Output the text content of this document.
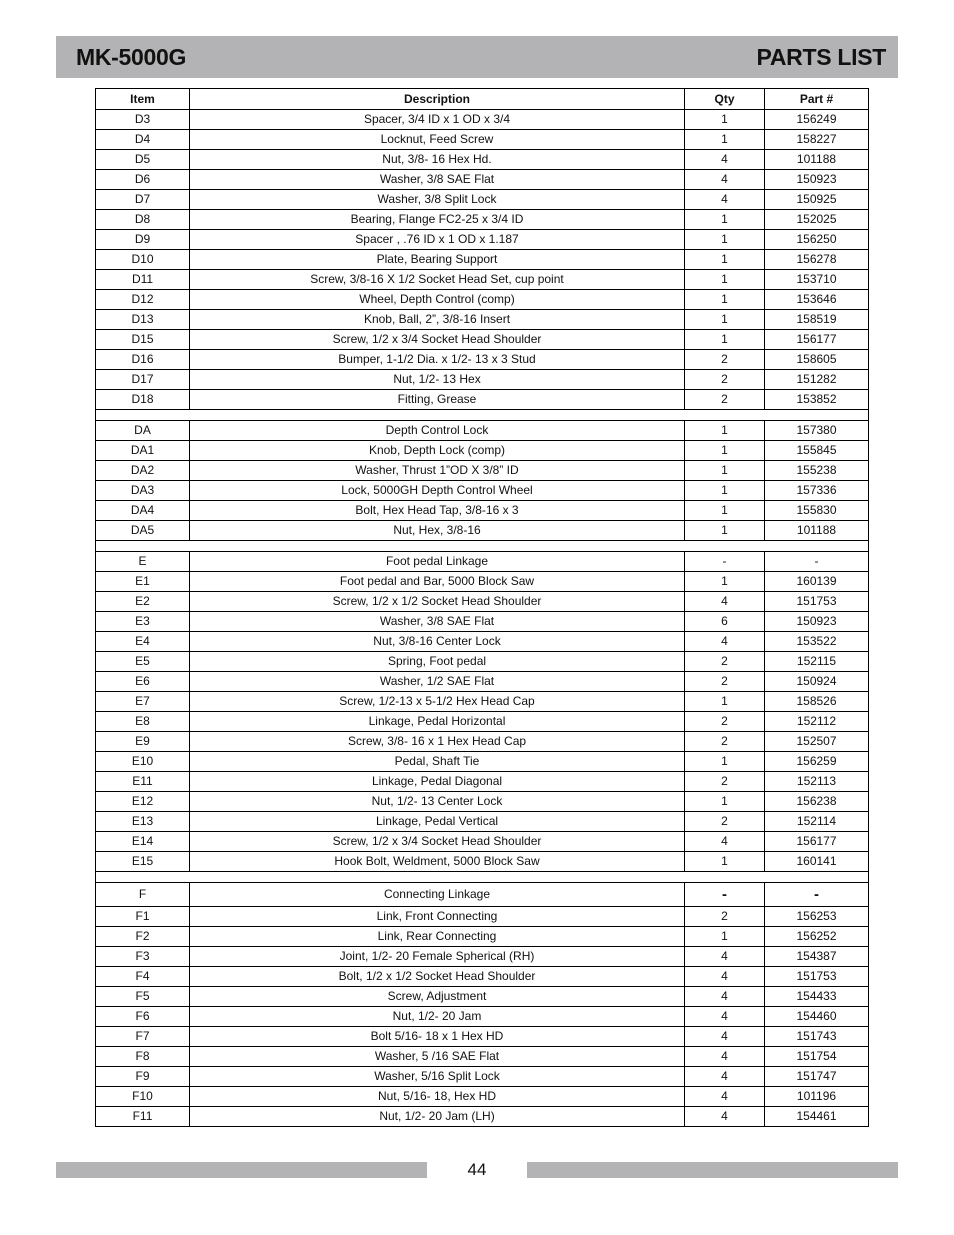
MK-5000G	PARTS LIST
Item	Description	Qty	Part #
D3	Spacer, 3/4 ID x 1 OD x 3/4	1	156249
D4	Locknut, Feed Screw	1	158227
D5	Nut, 3/8- 16 Hex Hd.	4	101188
D6	Washer, 3/8 SAE Flat	4	150923
D7	Washer, 3/8 Split Lock	4	150925
D8	Bearing, Flange FC2-25 x 3/4 ID	1	152025
D9	Spacer , .76 ID x 1 OD x 1.187	1	156250
D10	Plate, Bearing Support	1	156278
D11	Screw, 3/8-16 X 1/2 Socket Head Set, cup point	1	153710
D12	Wheel, Depth Control (comp)	1	153646
D13	Knob, Ball, 2”, 3/8-16 Insert	1	158519
D15	Screw, 1/2 x 3/4 Socket Head Shoulder	1	156177
D16	Bumper, 1-1/2 Dia. x 1/2- 13 x 3 Stud	2	158605
D17	Nut, 1/2- 13 Hex	2	151282
D18	Fitting, Grease	2	153852

DA	Depth Control Lock	1	157380
DA1	Knob, Depth Lock (comp)	1	155845
DA2	Washer, Thrust 1”OD X 3/8” ID	1	155238
DA3	Lock, 5000GH Depth Control Wheel	1	157336
DA4	Bolt, Hex Head Tap, 3/8-16 x 3	1	155830
DA5	Nut, Hex, 3/8-16	1	101188

E	Foot pedal Linkage	-	-
E1	Foot pedal and Bar, 5000 Block Saw	1	160139
E2	Screw, 1/2 x 1/2 Socket Head Shoulder	4	151753
E3	Washer, 3/8 SAE Flat	6	150923
E4	Nut, 3/8-16 Center Lock	4	153522
E5	Spring, Foot pedal	2	152115
E6	Washer, 1/2 SAE Flat	2	150924
E7	Screw, 1/2-13 x 5-1/2 Hex Head Cap	1	158526
E8	Linkage, Pedal Horizontal	2	152112
E9	Screw, 3/8- 16 x 1 Hex Head Cap	2	152507
E10	Pedal, Shaft Tie	1	156259
E11	Linkage, Pedal Diagonal	2	152113
E12	Nut, 1/2- 13 Center Lock	1	156238
E13	Linkage, Pedal Vertical	2	152114
E14	Screw, 1/2 x 3/4 Socket Head Shoulder	4	156177
E15	Hook Bolt, Weldment, 5000 Block Saw	1	160141

F	Connecting Linkage	-	-
F1	Link, Front Connecting	2	156253
F2	Link, Rear Connecting	1	156252
F3	Joint, 1/2- 20 Female Spherical (RH)	4	154387
F4	Bolt, 1/2 x 1/2 Socket Head Shoulder	4	151753
F5	Screw, Adjustment	4	154433
F6	Nut, 1/2- 20 Jam	4	154460
F7	Bolt 5/16- 18 x 1 Hex HD	4	151743
F8	Washer, 5 /16 SAE Flat	4	151754
F9	Washer, 5/16 Split Lock	4	151747
F10	Nut, 5/16- 18, Hex HD	4	101196
F11	Nut, 1/2- 20 Jam (LH)	4	154461
44
